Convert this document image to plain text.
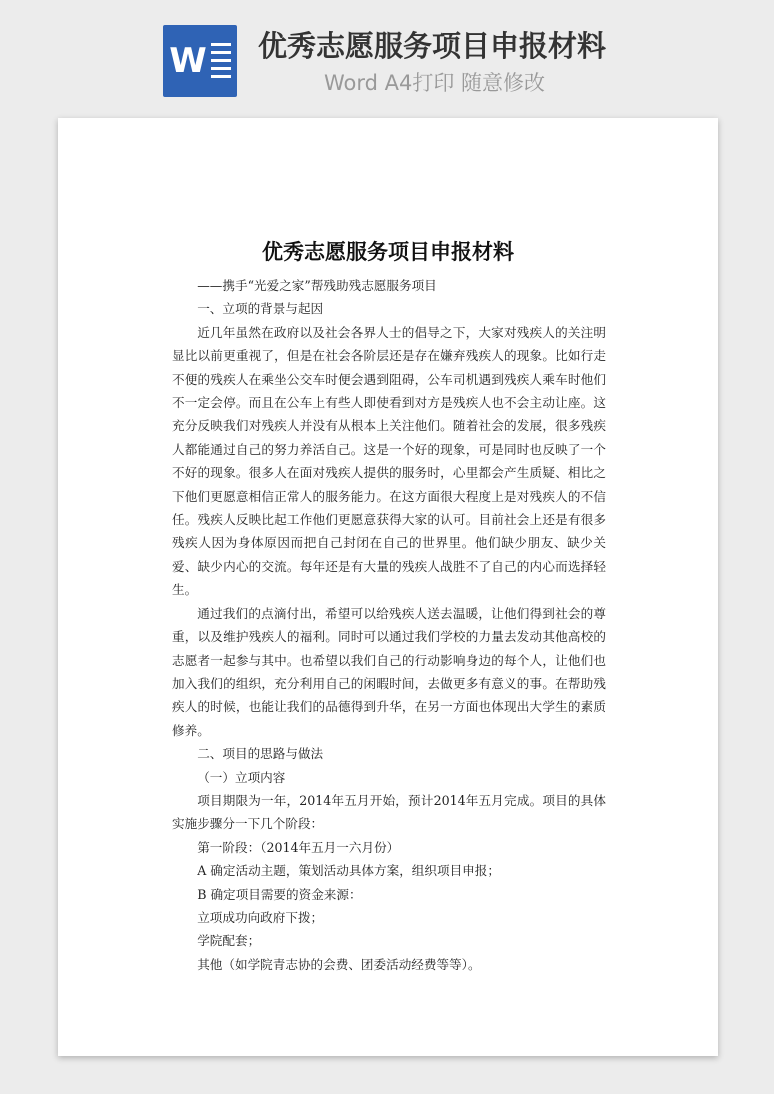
W 优秀志愿服务项目申报材料
Word A4打印 随意修改
优秀志愿服务项目申报材料

——携手“光爱之家”帮残助残志愿服务项目

一、立项的背景与起因

近几年虽然在政府以及社会各界人士的倡导之下，大家对残疾人的关注明显比以前更重视了，但是在社会各阶层还是存在嫌弃残疾人的现象。比如行走不便的残疾人在乘坐公交车时便会遇到阻碍，公车司机遇到残疾人乘车时他们不一定会停。而且在公车上有些人即使看到对方是残疾人也不会主动让座。这充分反映我们对残疾人并没有从根本上关注他们。随着社会的发展，很多残疾人都能通过自己的努力养活自己。这是一个好的现象，可是同时也反映了一个不好的现象。很多人在面对残疾人提供的服务时，心里都会产生质疑、相比之下他们更愿意相信正常人的服务能力。在这方面很大程度上是对残疾人的不信任。残疾人反映比起工作他们更愿意获得大家的认可。目前社会上还是有很多残疾人因为身体原因而把自己封闭在自己的世界里。他们缺少朋友、缺少关爱、缺少内心的交流。每年还是有大量的残疾人战胜不了自己的内心而选择轻生。

通过我们的点滴付出，希望可以给残疾人送去温暖，让他们得到社会的尊重，以及维护残疾人的福利。同时可以通过我们学校的力量去发动其他高校的志愿者一起参与其中。也希望以我们自己的行动影响身边的每个人，让他们也加入我们的组织，充分利用自己的闲暇时间，去做更多有意义的事。在帮助残疾人的时候，也能让我们的品德得到升华，在另一方面也体现出大学生的素质修养。

二、项目的思路与做法

（一）立项内容

项目期限为一年，2014年五月开始，预计2014年五月完成。项目的具体实施步骤分一下几个阶段：

第一阶段：（2014年五月一六月份）

A 确定活动主题，策划活动具体方案，组织项目申报；

B 确定项目需要的资金来源：

立项成功向政府下拨；

学院配套；

其他（如学院青志协的会费、团委活动经费等等）。
